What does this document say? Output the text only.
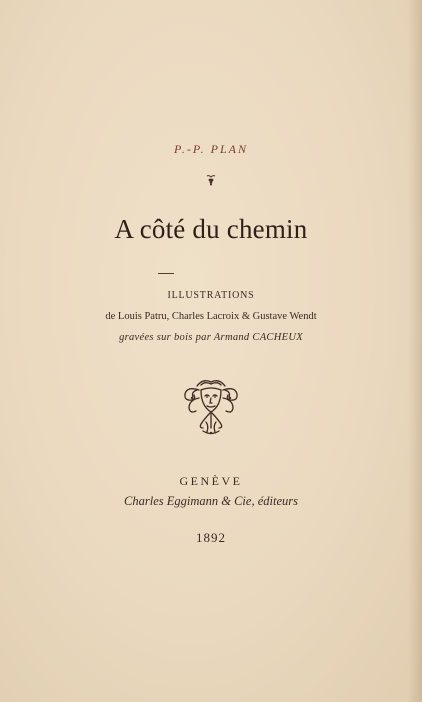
P.-P. PLAN
A côté du chemin
ILLUSTRATIONS
de Louis Patru, Charles Lacroix & Gustave Wendt
gravées sur bois par Armand CACHEUX
GENÈVE
Charles Eggimann & Cie, éditeurs
1892
